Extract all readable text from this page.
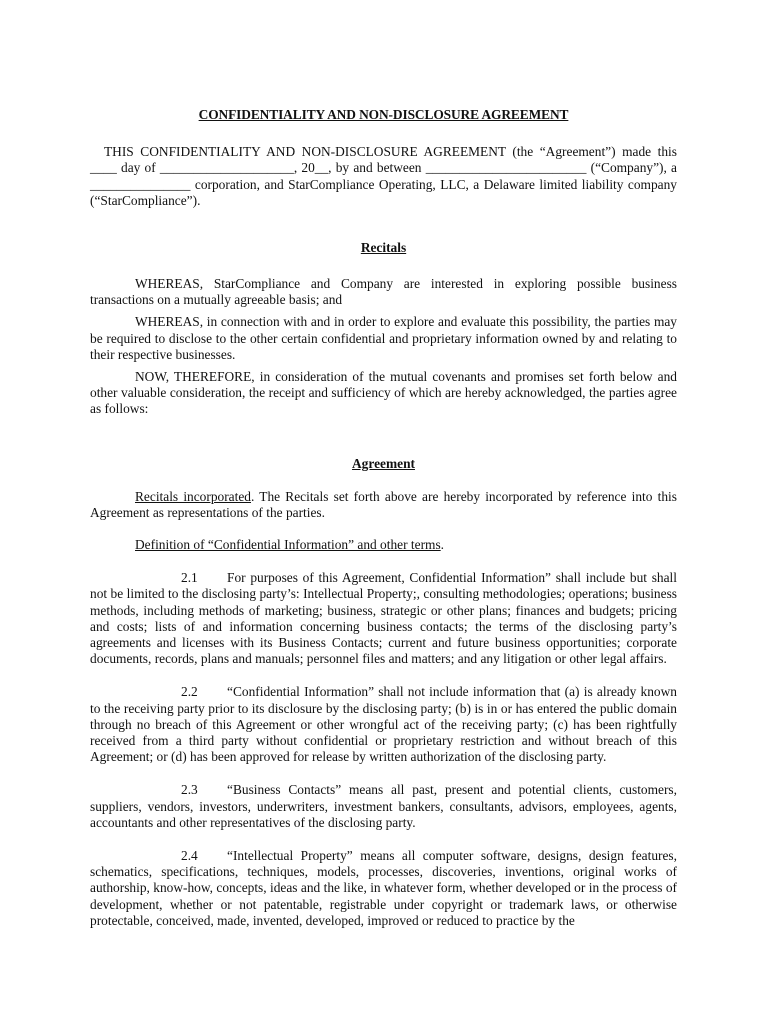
CONFIDENTIALITY AND NON-DISCLOSURE AGREEMENT

THIS CONFIDENTIALITY AND NON-DISCLOSURE AGREEMENT (the “Agreement”) made this ____ day of ____________________, 20__, by and between ________________________ (“Company”), a _______________ corporation, and StarCompliance Operating, LLC, a Delaware limited liability company (“StarCompliance”).

Recitals

WHEREAS, StarCompliance and Company are interested in exploring possible business transactions on a mutually agreeable basis; and

WHEREAS, in connection with and in order to explore and evaluate this possibility, the parties may be required to disclose to the other certain confidential and proprietary information owned by and relating to their respective businesses.

NOW, THEREFORE, in consideration of the mutual covenants and promises set forth below and other valuable consideration, the receipt and sufficiency of which are hereby acknowledged, the parties agree as follows:

Agreement

Recitals incorporated. The Recitals set forth above are hereby incorporated by reference into this Agreement as representations of the parties.

Definition of “Confidential Information” and other terms.

2.1 For purposes of this Agreement, Confidential Information” shall include but shall not be limited to the disclosing party’s: Intellectual Property;, consulting methodologies; operations; business methods, including methods of marketing; business, strategic or other plans; finances and budgets; pricing and costs; lists of and information concerning business contacts; the terms of the disclosing party’s agreements and licenses with its Business Contacts; current and future business opportunities; corporate documents, records, plans and manuals; personnel files and matters; and any litigation or other legal affairs.

2.2 “Confidential Information” shall not include information that (a) is already known to the receiving party prior to its disclosure by the disclosing party; (b) is in or has entered the public domain through no breach of this Agreement or other wrongful act of the receiving party; (c) has been rightfully received from a third party without confidential or proprietary restriction and without breach of this Agreement; or (d) has been approved for release by written authorization of the disclosing party.

2.3 “Business Contacts” means all past, present and potential clients, customers, suppliers, vendors, investors, underwriters, investment bankers, consultants, advisors, employees, agents, accountants and other representatives of the disclosing party.

2.4 “Intellectual Property” means all computer software, designs, design features, schematics, specifications, techniques, models, processes, discoveries, inventions, original works of authorship, know-how, concepts, ideas and the like, in whatever form, whether developed or in the process of development, whether or not patentable, registrable under copyright or trademark laws, or otherwise protectable, conceived, made, invented, developed, improved or reduced to practice by the
